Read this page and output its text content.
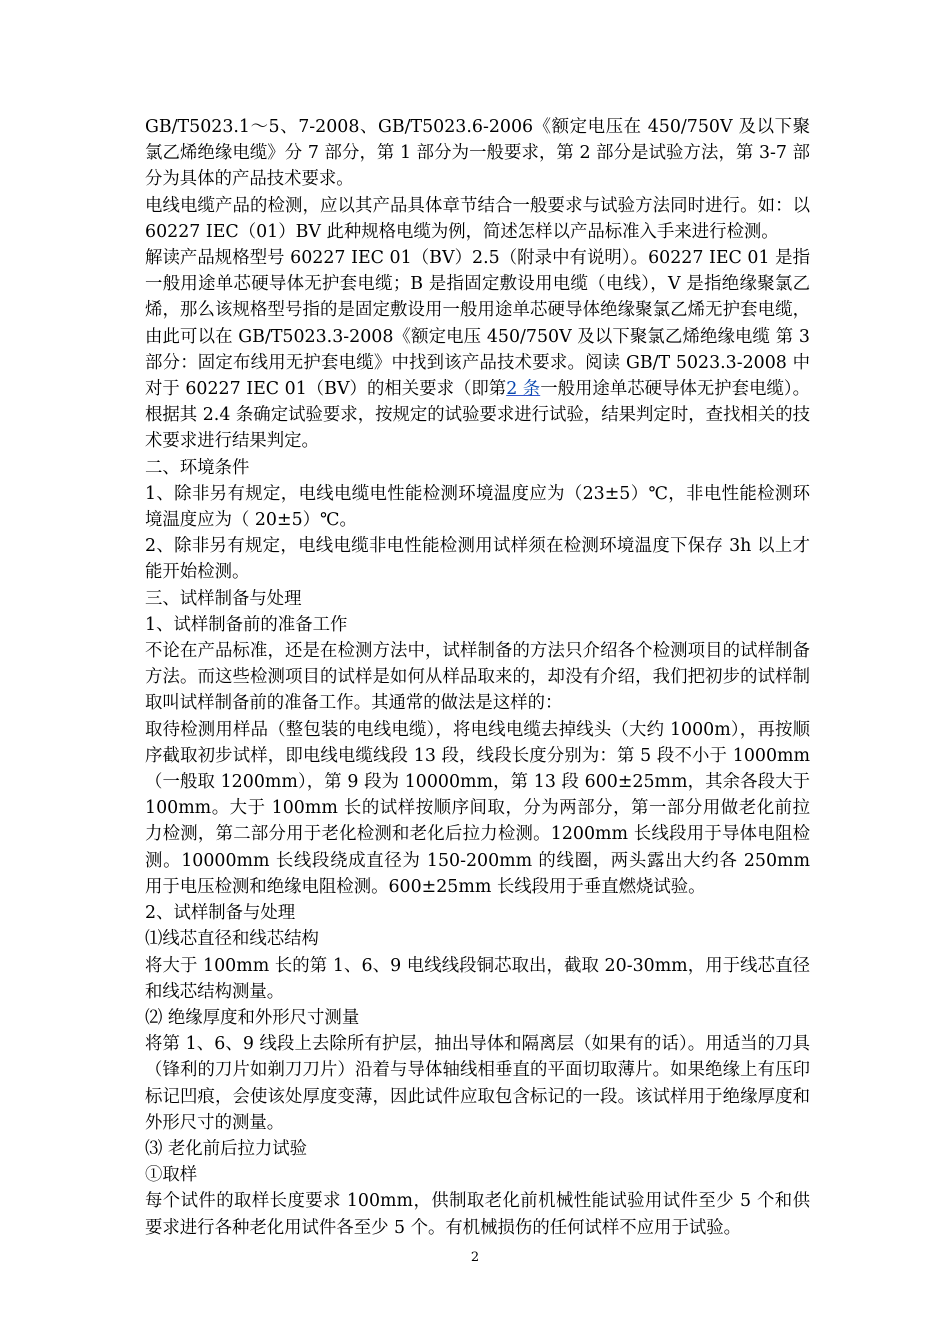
GB/T5023.1～5、7-2008、GB/T5023.6-2006《额定电压在 450/750V 及以下聚氯乙烯绝缘电缆》分 7 部分，第 1 部分为一般要求，第 2 部分是试验方法，第 3-7 部分为具体的产品技术要求。

电线电缆产品的检测，应以其产品具体章节结合一般要求与试验方法同时进行。如：以 60227 IEC（01）BV 此种规格电缆为例，简述怎样以产品标准入手来进行检测。

解读产品规格型号 60227 IEC 01（BV）2.5（附录中有说明）。60227 IEC 01 是指一般用途单芯硬导体无护套电缆；B 是指固定敷设用电缆（电线），V 是指绝缘聚氯乙烯，那么该规格型号指的是固定敷设用一般用途单芯硬导体绝缘聚氯乙烯无护套电缆，由此可以在 GB/T5023.3-2008《额定电压 450/750V 及以下聚氯乙烯绝缘电缆 第 3 部分：固定布线用无护套电缆》中找到该产品技术要求。阅读 GB/T 5023.3-2008 中对于 60227 IEC 01（BV）的相关要求（即第2 条一般用途单芯硬导体无护套电缆）。根据其 2.4 条确定试验要求，按规定的试验要求进行试验，结果判定时，查找相关的技术要求进行结果判定。

二、环境条件

1、除非另有规定，电线电缆电性能检测环境温度应为（23±5）℃，非电性能检测环境温度应为（ 20±5）℃。

2、除非另有规定，电线电缆非电性能检测用试样须在检测环境温度下保存 3h 以上才能开始检测。

三、试样制备与处理

1、试样制备前的准备工作

不论在产品标准，还是在检测方法中，试样制备的方法只介绍各个检测项目的试样制备方法。而这些检测项目的试样是如何从样品取来的，却没有介绍，我们把初步的试样制取叫试样制备前的准备工作。其通常的做法是这样的：

取待检测用样品（整包装的电线电缆），将电线电缆去掉线头（大约 1000m），再按顺序截取初步试样，即电线电缆线段 13 段，线段长度分别为：第 5 段不小于 1000mm（一般取 1200mm），第 9 段为 10000mm，第 13 段 600±25mm，其余各段大于 100mm。大于 100mm 长的试样按顺序间取，分为两部分，第一部分用做老化前拉力检测，第二部分用于老化检测和老化后拉力检测。1200mm 长线段用于导体电阻检测。10000mm 长线段绕成直径为 150-200mm 的线圈，两头露出大约各 250mm 用于电压检测和绝缘电阻检测。600±25mm 长线段用于垂直燃烧试验。

2、试样制备与处理

⑴线芯直径和线芯结构

将大于 100mm 长的第 1、6、9 电线线段铜芯取出，截取 20-30mm，用于线芯直径和线芯结构测量。

⑵ 绝缘厚度和外形尺寸测量

将第 1、6、9 线段上去除所有护层，抽出导体和隔离层（如果有的话）。用适当的刀具（锋利的刀片如剃刀刀片）沿着与导体轴线相垂直的平面切取薄片。如果绝缘上有压印标记凹痕，会使该处厚度变薄，因此试件应取包含标记的一段。该试样用于绝缘厚度和外形尺寸的测量。

⑶ 老化前后拉力试验

①取样

每个试件的取样长度要求 100mm，供制取老化前机械性能试验用试件至少 5 个和供要求进行各种老化用试件各至少 5 个。有机械损伤的任何试样不应用于试验。

2
